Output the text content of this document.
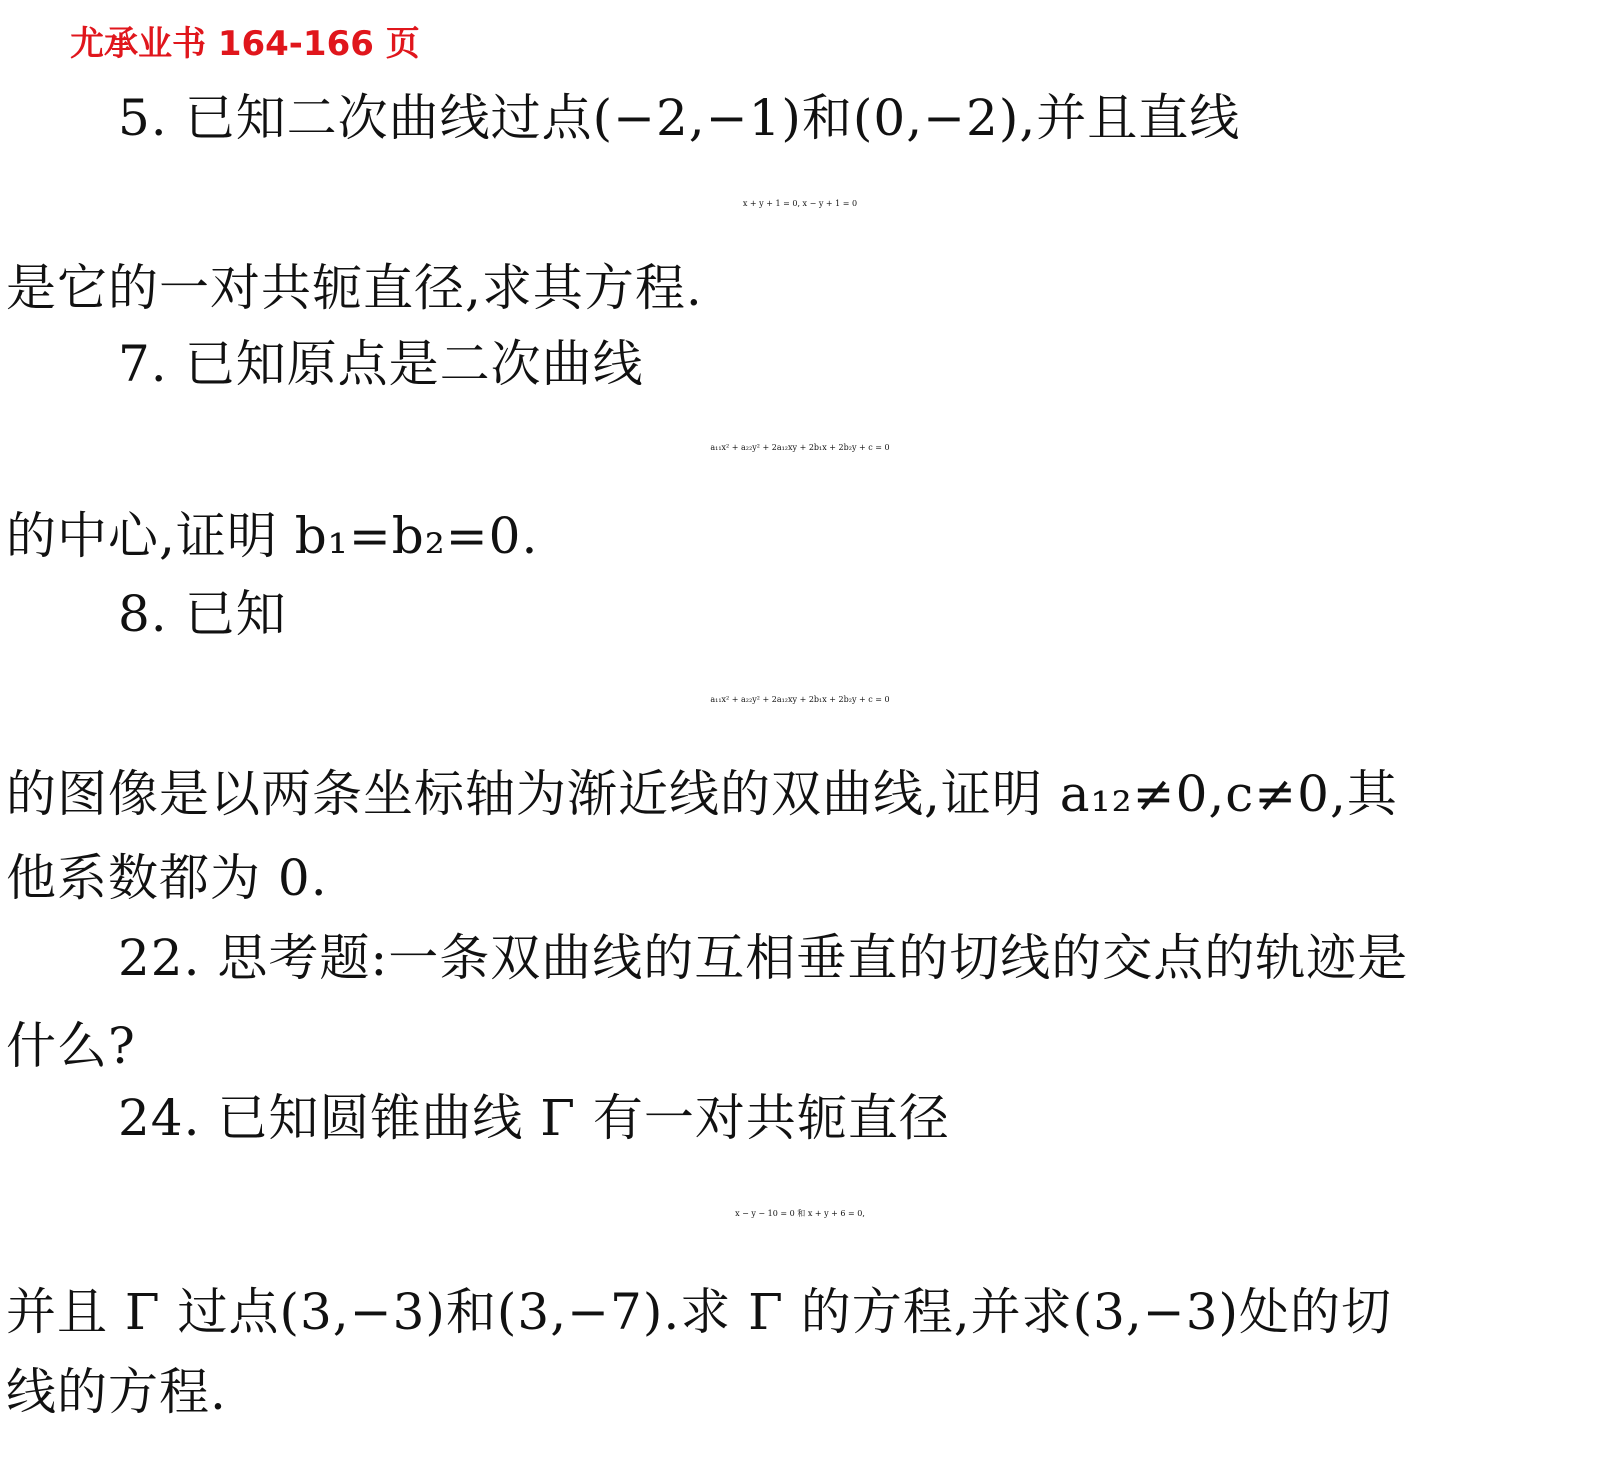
尤承业书 164-166 页
5. 已知二次曲线过点(−2,−1)和(0,−2),并且直线
x + y + 1 = 0, x − y + 1 = 0
是它的一对共轭直径,求其方程.
7. 已知原点是二次曲线
a₁₁x² + a₂₂y² + 2a₁₂xy + 2b₁x + 2b₂y + c = 0
的中心,证明 b₁=b₂=0.
8. 已知
a₁₁x² + a₂₂y² + 2a₁₂xy + 2b₁x + 2b₂y + c = 0
的图像是以两条坐标轴为渐近线的双曲线,证明 a₁₂≠0,c≠0,其
他系数都为 0.
22. 思考题:一条双曲线的互相垂直的切线的交点的轨迹是
什么?
24. 已知圆锥曲线 Γ 有一对共轭直径
x − y − 10 = 0 和 x + y + 6 = 0,
并且 Γ 过点(3,−3)和(3,−7).求 Γ 的方程,并求(3,−3)处的切
线的方程.
